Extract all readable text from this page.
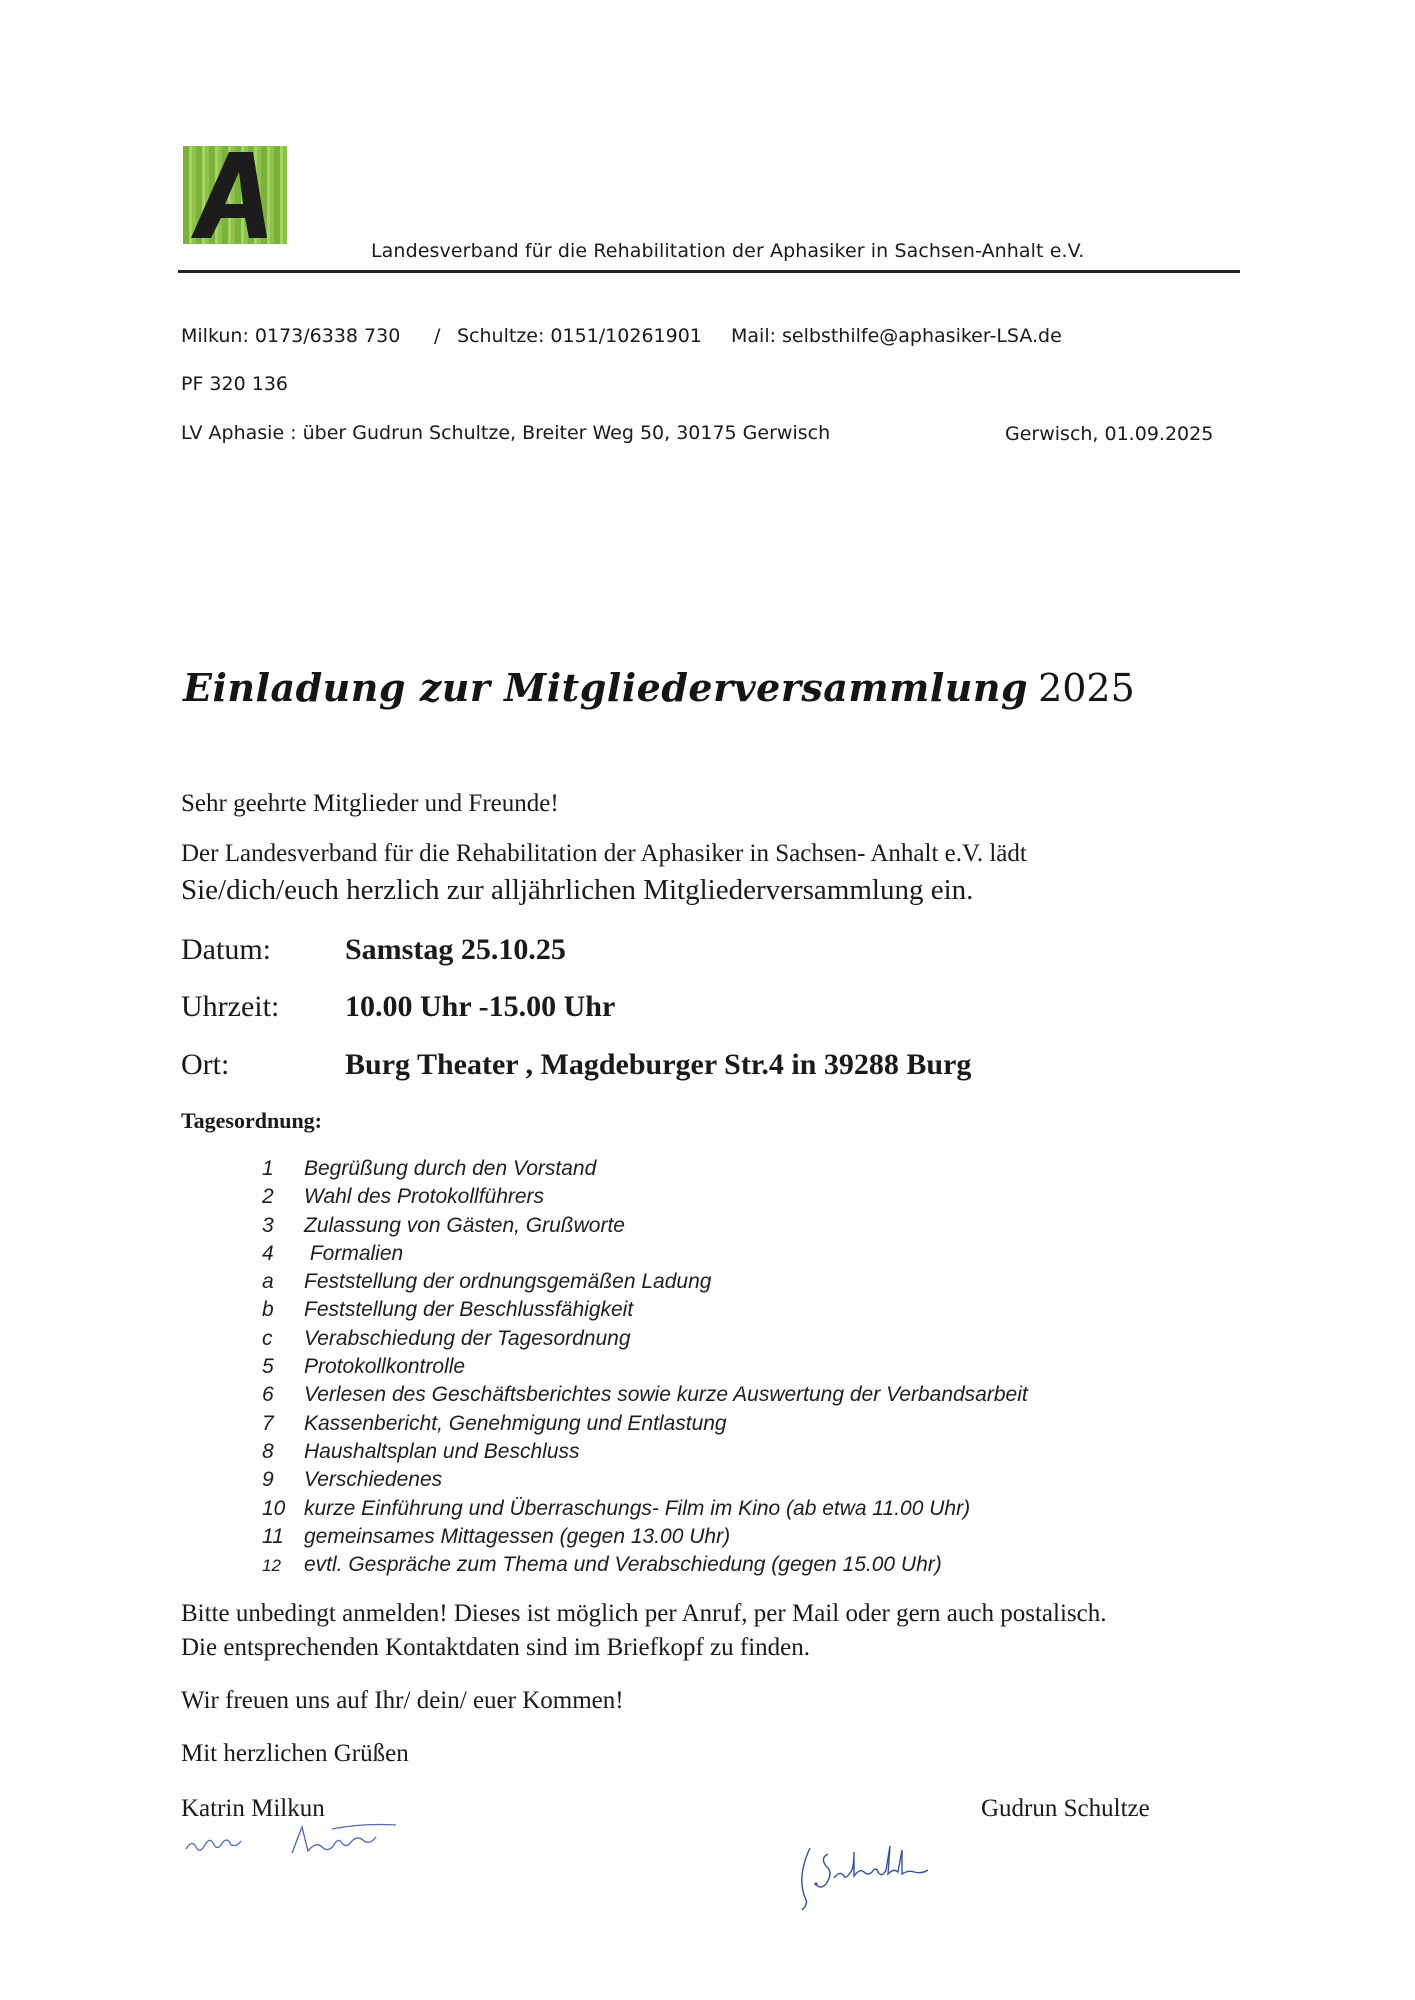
Landesverband für die Rehabilitation der Aphasiker in Sachsen-Anhalt e.V.
Milkun: 0173/6338 730 / Schultze: 0151/10261901 Mail: selbsthilfe@aphasiker-LSA.de
PF 320 136
LV Aphasie : über Gudrun Schultze, Breiter Weg 50, 30175 Gerwisch	Gerwisch, 01.09.2025
Einladung zur Mitgliederversammlung 2025
Sehr geehrte Mitglieder und Freunde!
Der Landesverband für die Rehabilitation der Aphasiker in Sachsen- Anhalt e.V. lädt
Sie/dich/euch herzlich zur alljährlichen Mitgliederversammlung ein.
Datum: Samstag 25.10.25
Uhrzeit: 10.00 Uhr -15.00 Uhr
Ort:	Burg Theater , Magdeburger Str.4 in 39288 Burg
Tagesordnung:
1 Begrüßung durch den Vorstand
2 Wahl des Protokollführers
3 Zulassung von Gästen, Grußworte
4 Formalien
a Feststellung der ordnungsgemäßen Ladung
b Feststellung der Beschlussfähigkeit
c Verabschiedung der Tagesordnung
5 Protokollkontrolle
6 Verlesen des Geschäftsberichtes sowie kurze Auswertung der Verbandsarbeit
7 Kassenbericht, Genehmigung und Entlastung
8 Haushaltsplan und Beschluss
9 Verschiedenes
10 kurze Einführung und Überraschungs- Film im Kino (ab etwa 11.00 Uhr)
11 gemeinsames Mittagessen (gegen 13.00 Uhr)
12 evtl. Gespräche zum Thema und Verabschiedung (gegen 15.00 Uhr)
Bitte unbedingt anmelden! Dieses ist möglich per Anruf, per Mail oder gern auch postalisch.
Die entsprechenden Kontaktdaten sind im Briefkopf zu finden.
Wir freuen uns auf Ihr/ dein/ euer Kommen!
Mit herzlichen Grüßen
Katrin Milkun	Gudrun Schultze
